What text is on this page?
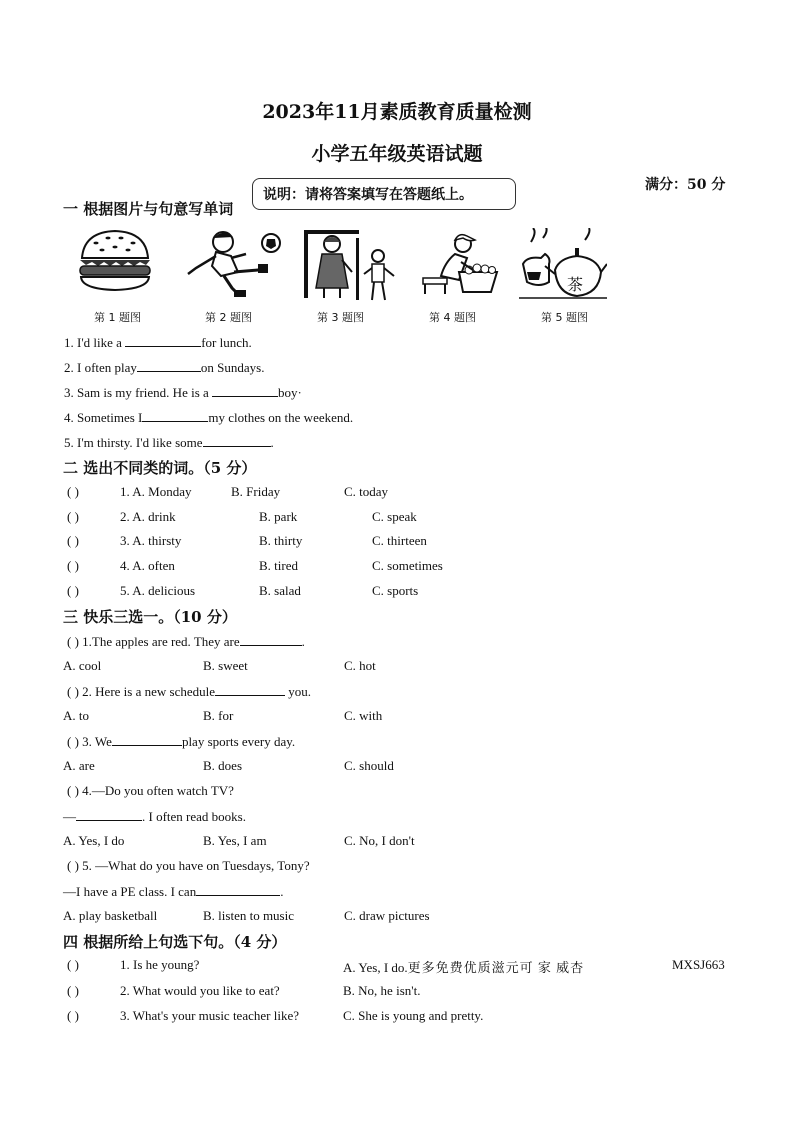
2023年11月素质教育质量检测
小学五年级英语试题
满分：50 分
一 根据图片与句意写单词
说明：请将答案填写在答题纸上。
茶
第 1 题图	第 2 题图	第 3 题图	第 4 题图	第 5 题图
1. I'd like a	for lunch.
2. I often play	on Sundays.
3. Sam is my friend. He is a	boy·
4. Sometimes I	my clothes on the weekend.
5. I'm thirsty. I'd like some	.
二 选出不同类的词。（5 分）
( )	1. A. Monday	B. Friday	C. today
( )	2. A. drink	B. park	C. speak
( )	3. A. thirsty	B. thirty	C. thirteen
( )	4. A. often	B. tired	C. sometimes
( )	5. A. delicious	B. salad	C. sports
三 快乐三选一。（10 分）
( ) 1.The apples are red. They are	.
A. cool	B. sweet	C. hot
( ) 2. Here is a new schedule	you.
A. to	B. for	C. with
( ) 3. We	play sports every day.
A. are	B. does	C. should
( ) 4.—Do you often watch TV?
—	. I often read books.
A. Yes, I do	B. Yes, I am	C. No, I don't
( ) 5. —What do you have on Tuesdays, Tony?
—I have a PE class. I can	.
A. play basketball	B. listen to music	C. draw pictures
四 根据所给上句选下句。（4 分）
( )	1. Is he young?	A. Yes, I do.更多免费优质滋元可 家 威杏	MXSJ663
( )	2. What would you like to eat?	B. No, he isn't.
( )	3. What's your music teacher like?	C. She is young and pretty.
